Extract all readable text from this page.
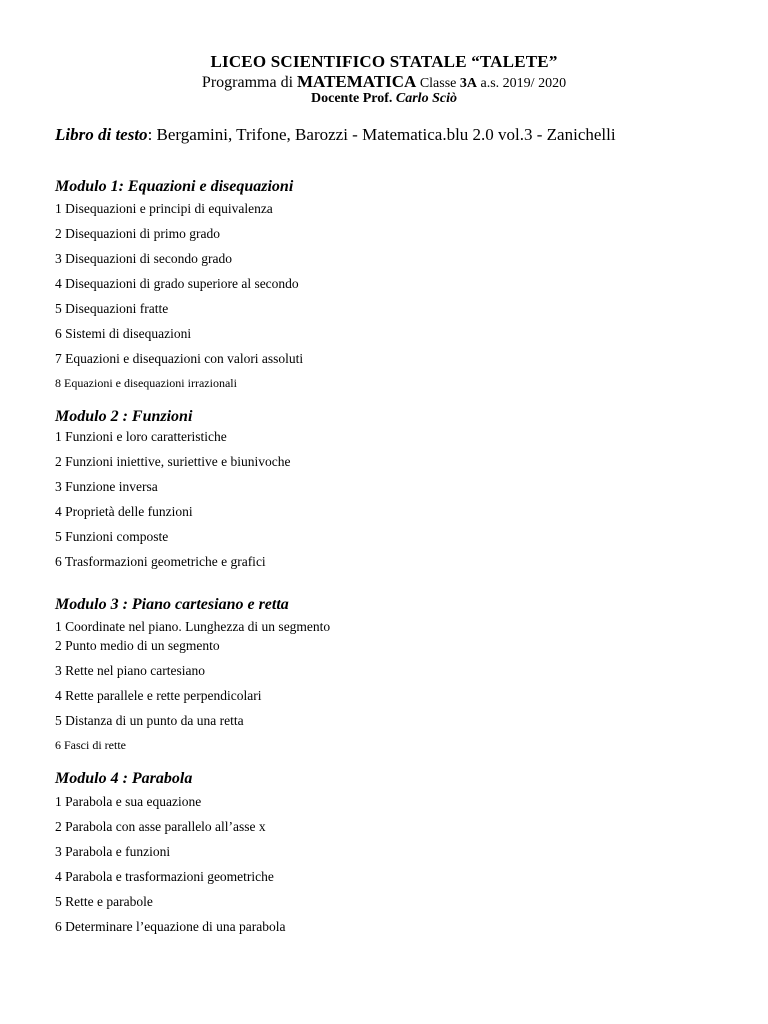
LICEO SCIENTIFICO STATALE “TALETE”
Programma di MATEMATICA Classe 3A a.s. 2019/ 2020
Docente Prof. Carlo Sciò
Libro di testo: Bergamini, Trifone, Barozzi - Matematica.blu 2.0 vol.3 - Zanichelli
Modulo 1: Equazioni e disequazioni
1 Disequazioni e principi di equivalenza
2 Disequazioni di primo grado
3 Disequazioni di secondo grado
4 Disequazioni di grado superiore al secondo
5 Disequazioni fratte
6 Sistemi di disequazioni
7 Equazioni e disequazioni con valori assoluti
8 Equazioni e disequazioni irrazionali
Modulo 2 : Funzioni
1 Funzioni e loro caratteristiche
2 Funzioni iniettive, suriettive e biunivoche
3 Funzione inversa
4 Proprietà delle funzioni
5 Funzioni composte
6 Trasformazioni geometriche e grafici
Modulo 3 : Piano cartesiano e retta
1 Coordinate nel piano. Lunghezza di un segmento
2 Punto medio di un segmento
3 Rette nel piano cartesiano
4 Rette parallele e rette perpendicolari
5 Distanza di un punto da una retta
6 Fasci di rette
Modulo 4 : Parabola
1 Parabola e sua equazione
2 Parabola con asse parallelo all’asse x
3 Parabola e funzioni
4 Parabola e trasformazioni geometriche
5 Rette e parabole
6 Determinare l’equazione di una parabola
